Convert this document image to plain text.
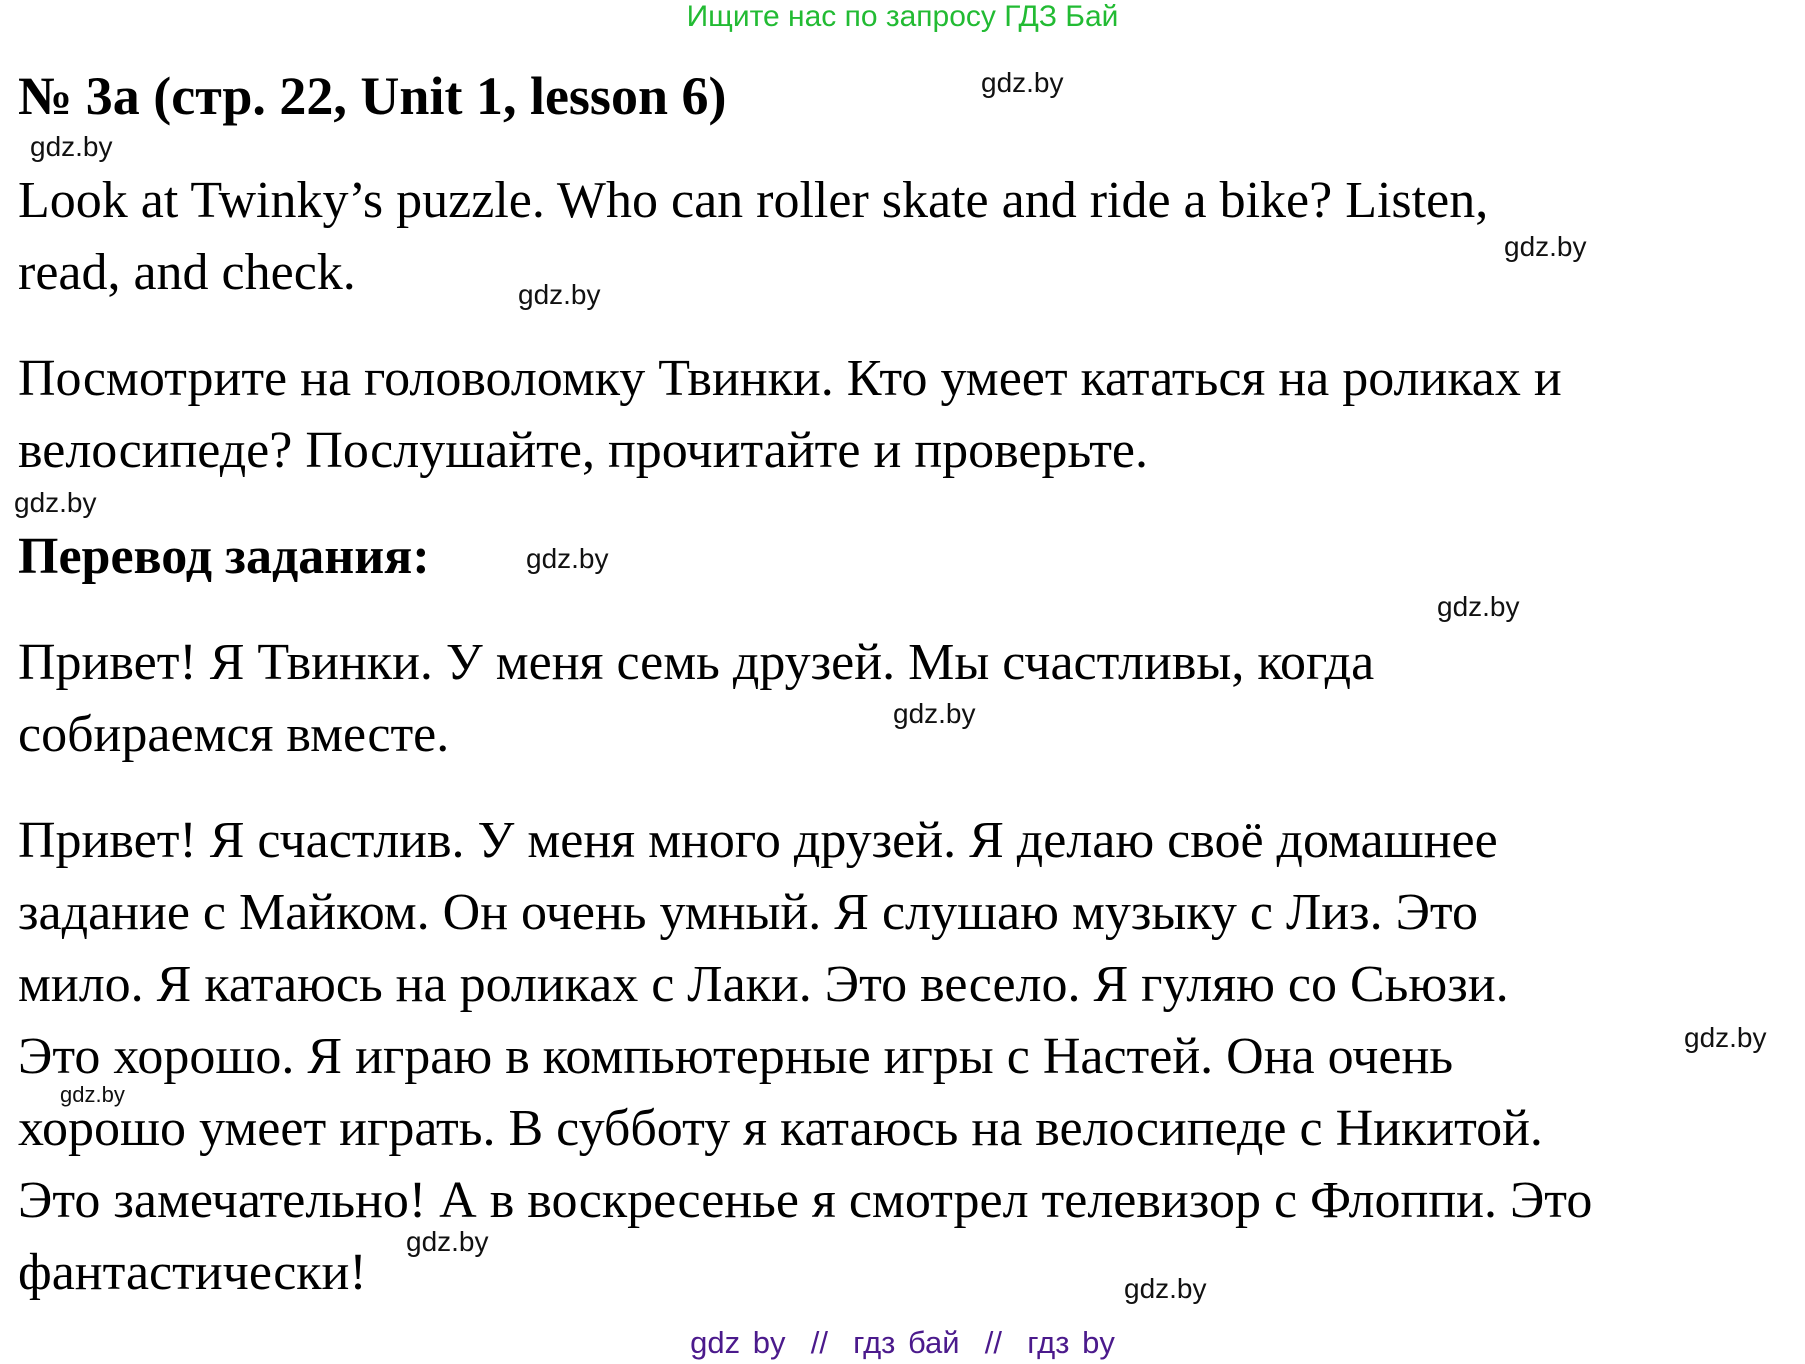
Ищите нас по запросу ГДЗ Бай
№ 3a (стр. 22, Unit 1, lesson 6)
Look at Twinky’s puzzle. Who can roller skate and ride a bike? Listen,
read, and check.
Посмотрите на головоломку Твинки. Кто умеет кататься на роликах и
велосипеде? Послушайте, прочитайте и проверьте.
Перевод задания:
Привет! Я Твинки. У меня семь друзей. Мы счастливы, когда
собираемся вместе.
Привет! Я счастлив. У меня много друзей. Я делаю своё домашнее
задание с Майком. Он очень умный. Я слушаю музыку с Лиз. Это
мило. Я катаюсь на роликах с Лаки. Это весело. Я гуляю со Сьюзи.
Это хорошо. Я играю в компьютерные игры с Настей. Она очень
хорошо умеет играть. В субботу я катаюсь на велосипеде с Никитой.
Это замечательно! А в воскресенье я смотрел телевизор с Флоппи. Это
фантастически!
gdz.by
gdz.by
gdz.by
gdz.by
gdz.by
gdz.by
gdz.by
gdz.by
gdz.by
gdz.by
gdz.by
gdz.by
gdz by  //  гдз бай  //  гдз by
